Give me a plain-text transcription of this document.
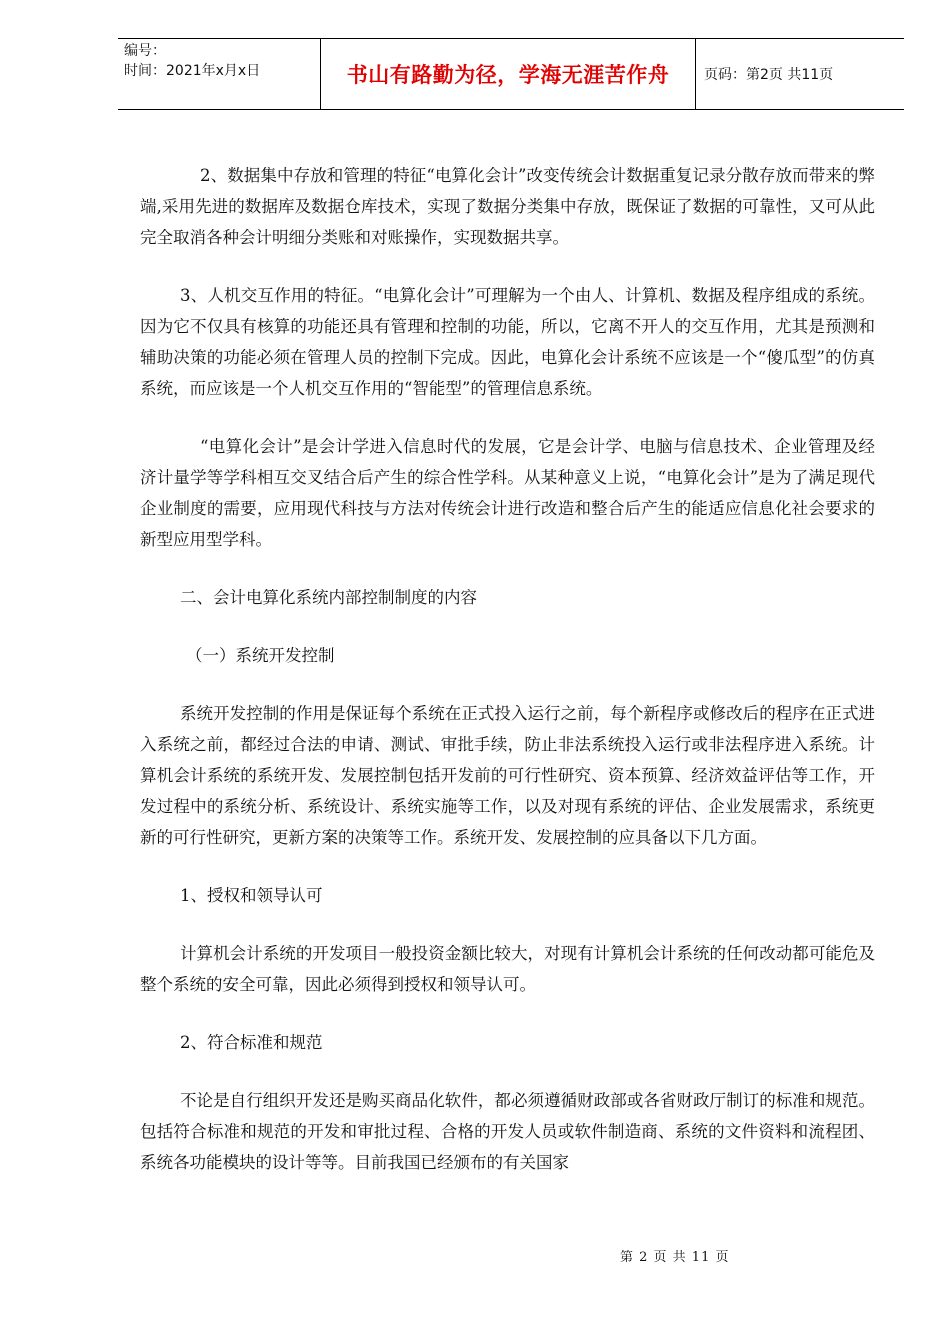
编号：
时间：2021年x月x日	书山有路勤为径，学海无涯苦作舟	页码：第2页 共11页

2、数据集中存放和管理的特征“电算化会计”改变传统会计数据重复记录分散存放而带来的弊端,采用先进的数据库及数据仓库技术，实现了数据分类集中存放，既保证了数据的可靠性，又可从此完全取消各种会计明细分类账和对账操作，实现数据共享。

3、人机交互作用的特征。“电算化会计”可理解为一个由人、计算机、数据及程序组成的系统。因为它不仅具有核算的功能还具有管理和控制的功能，所以，它离不开人的交互作用，尤其是预测和辅助决策的功能必须在管理人员的控制下完成。因此，电算化会计系统不应该是一个“傻瓜型”的仿真系统，而应该是一个人机交互作用的“智能型”的管理信息系统。

“电算化会计”是会计学进入信息时代的发展，它是会计学、电脑与信息技术、企业管理及经济计量学等学科相互交叉结合后产生的综合性学科。从某种意义上说，“电算化会计”是为了满足现代企业制度的需要，应用现代科技与方法对传统会计进行改造和整合后产生的能适应信息化社会要求的新型应用型学科。

二、会计电算化系统内部控制制度的内容

（一）系统开发控制

系统开发控制的作用是保证每个系统在正式投入运行之前，每个新程序或修改后的程序在正式进入系统之前，都经过合法的申请、测试、审批手续，防止非法系统投入运行或非法程序进入系统。计算机会计系统的系统开发、发展控制包括开发前的可行性研究、资本预算、经济效益评估等工作，开发过程中的系统分析、系统设计、系统实施等工作，以及对现有系统的评估、企业发展需求，系统更新的可行性研究，更新方案的决策等工作。系统开发、发展控制的应具备以下几方面。

1、授权和领导认可

计算机会计系统的开发项目一般投资金额比较大，对现有计算机会计系统的任何改动都可能危及整个系统的安全可靠，因此必须得到授权和领导认可。

2、符合标准和规范

不论是自行组织开发还是购买商品化软件，都必须遵循财政部或各省财政厅制订的标准和规范。包括符合标准和规范的开发和审批过程、合格的开发人员或软件制造商、系统的文件资料和流程团、系统各功能模块的设计等等。目前我国已经颁布的有关国家

第 2 页 共 11 页
